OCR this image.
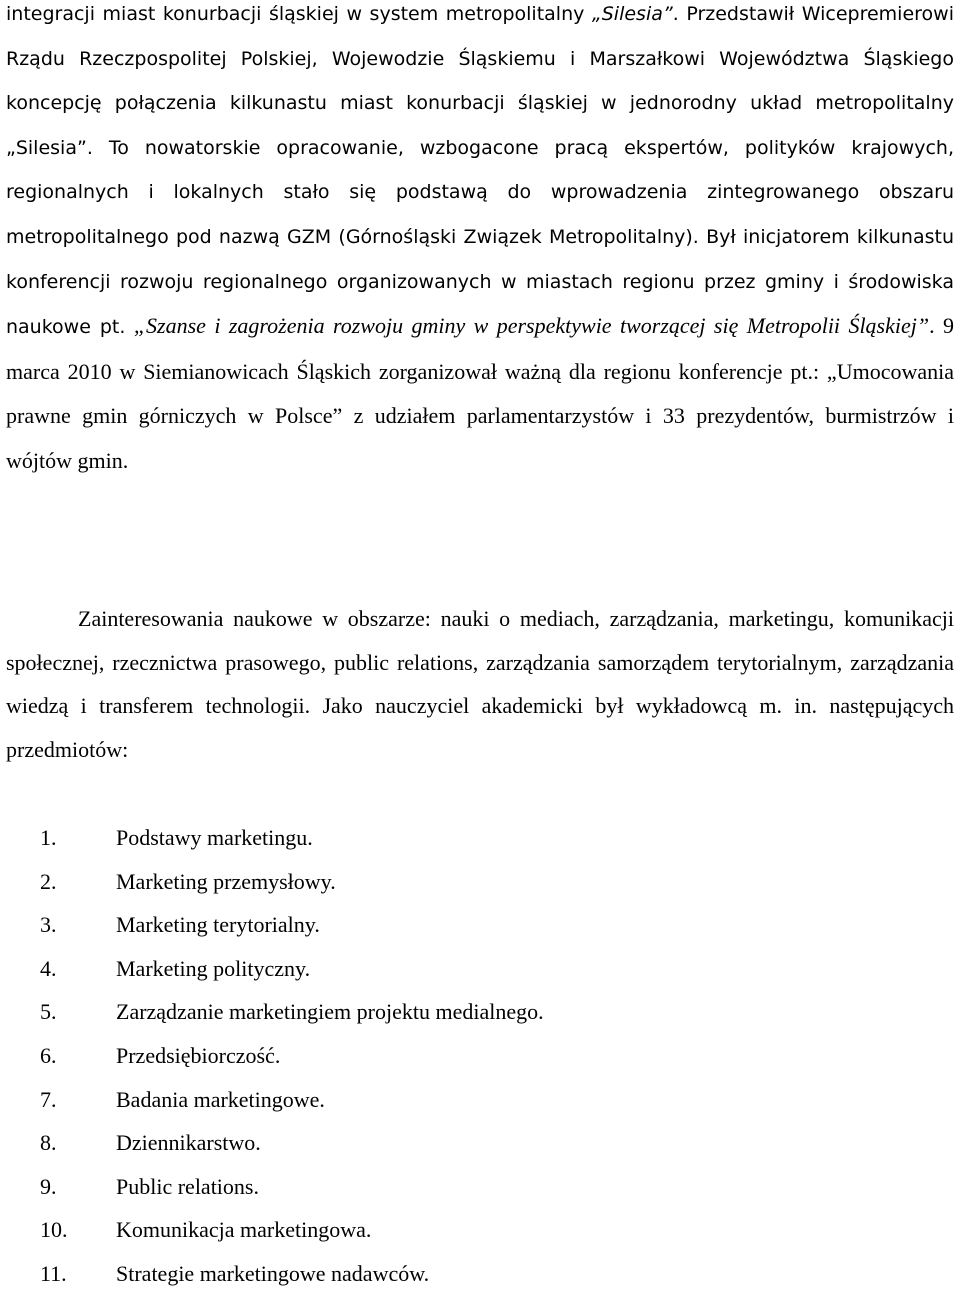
integracji miast konurbacji śląskiej w system metropolitalny „Silesia”. Przedstawił Wicepremierowi Rządu Rzeczpospolitej Polskiej, Wojewodzie Śląskiemu i Marszałkowi Województwa Śląskiego koncepcję połączenia kilkunastu miast konurbacji śląskiej w jednorodny układ metropolitalny „Silesia”. To nowatorskie opracowanie, wzbogacone pracą ekspertów, polityków krajowych, regionalnych i lokalnych stało się podstawą do wprowadzenia zintegrowanego obszaru metropolitalnego pod nazwą GZM (Górnośląski Związek Metropolitalny). Był inicjatorem kilkunastu konferencji rozwoju regionalnego organizowanych w miastach regionu przez gminy i środowiska naukowe pt. „Szanse i zagrożenia rozwoju gminy w perspektywie tworzącej się Metropolii Śląskiej”. 9 marca 2010 w Siemianowicach Śląskich zorganizował ważną dla regionu konferencje pt.: „Umocowania prawne gmin górniczych w Polsce” z udziałem parlamentarzystów i 33 prezydentów, burmistrzów i wójtów gmin.

Zainteresowania naukowe w obszarze: nauki o mediach, zarządzania, marketingu, komunikacji społecznej, rzecznictwa prasowego, public relations, zarządzania samorządem terytorialnym, zarządzania wiedzą i transferem technologii. Jako nauczyciel akademicki był wykładowcą m. in. następujących przedmiotów:

1.	Podstawy marketingu.
2.	Marketing przemysłowy.
3.	Marketing terytorialny.
4.	Marketing polityczny.
5.	Zarządzanie marketingiem projektu medialnego.
6.	Przedsiębiorczość.
7.	Badania marketingowe.
8.	Dziennikarstwo.
9.	Public relations.
10. Komunikacja marketingowa.
11. Strategie marketingowe nadawców.
